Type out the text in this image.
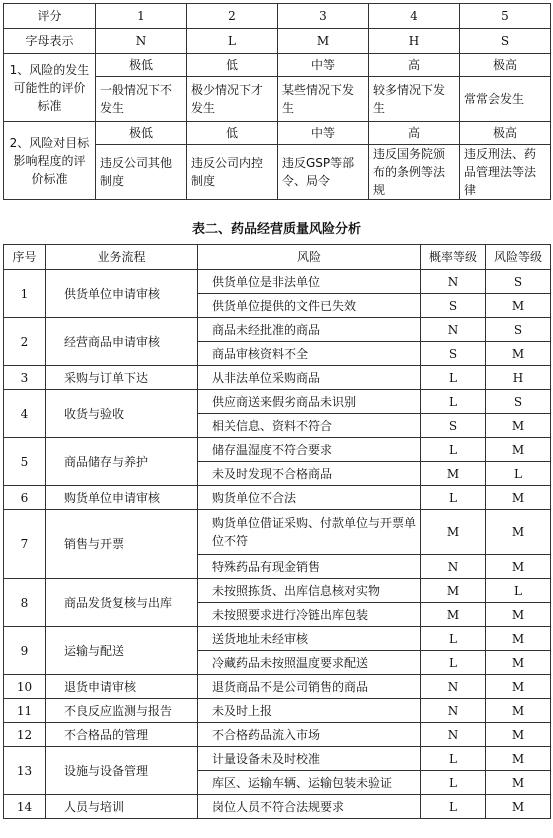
评分	1	2	3	4	5
字母表示	N	L	M	H	S
1、风险的发生可能性的评价标准	极低	低	中等	高	极高
	一般情况下不发生	极少情况下才发生	某些情况下发生	较多情况下发生	常常会发生
2、风险对目标影响程度的评价标准	极低	低	中等	高	极高
	违反公司其他制度	违反公司内控制度	违反GSP等部令、局令	违反国务院颁布的条例等法规	违反刑法、药品管理法等法律
表二、药品经营质量风险分析
序号	业务流程	风险	概率等级	风险等级
1	供货单位申请审核	供货单位是非法单位	N	S
		供货单位提供的文件已失效	S	M
2	经营商品申请审核	商品未经批准的商品	N	S
		商品审核资料不全	S	M
3	采购与订单下达	从非法单位采购商品	L	H
4	收货与验收	供应商送来假劣商品未识别	L	S
		相关信息、资料不符合	S	M
5	商品储存与养护	储存温湿度不符合要求	L	M
		未及时发现不合格商品	M	L
6	购货单位申请审核	购货单位不合法	L	M
7	销售与开票	购货单位借证采购、付款单位与开票单位不符	M	M
		特殊药品有现金销售	N	M
8	商品发货复核与出库	未按照拣货、出库信息核对实物	M	L
		未按照要求进行冷链出库包装	M	M
9	运输与配送	送货地址未经审核	L	M
		冷藏药品未按照温度要求配送	L	M
10	退货申请审核	退货商品不是公司销售的商品	N	M
11	不良反应监测与报告	未及时上报	N	M
12	不合格品的管理	不合格药品流入市场	N	M
13	设施与设备管理	计量设备未及时校准	L	M
		库区、运输车辆、运输包装未验证	L	M
14	人员与培训	岗位人员不符合法规要求	L	M
